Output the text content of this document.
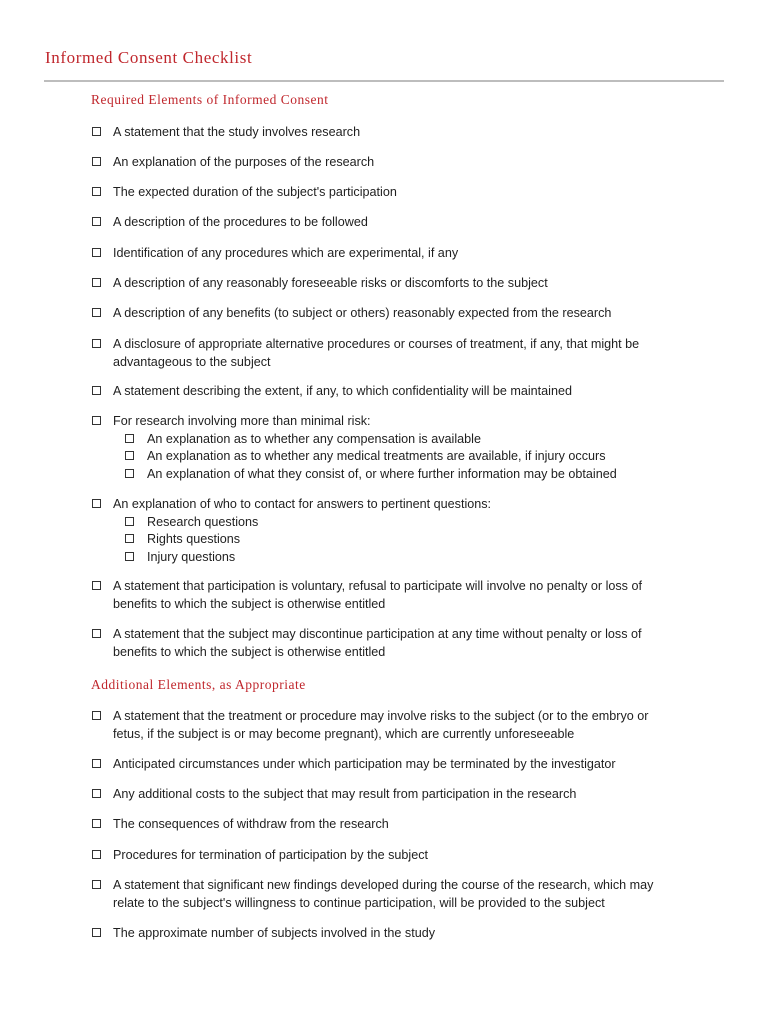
Informed Consent Checklist
Required Elements of Informed Consent
A statement that the study involves research
An explanation of the purposes of the research
The expected duration of the subject's participation
A description of the procedures to be followed
Identification of any procedures which are experimental, if any
A description of any reasonably foreseeable risks or discomforts to the subject
A description of any benefits (to subject or others) reasonably expected from the research
A disclosure of appropriate alternative procedures or courses of treatment, if any, that might be advantageous to the subject
A statement describing the extent, if any, to which confidentiality will be maintained
For research involving more than minimal risk:
An explanation as to whether any compensation is available
An explanation as to whether any medical treatments are available, if injury occurs
An explanation of what they consist of, or where further information may be obtained
An explanation of who to contact for answers to pertinent questions:
Research questions
Rights questions
Injury questions
A statement that participation is voluntary, refusal to participate will involve no penalty or loss of benefits to which the subject is otherwise entitled
A statement that the subject may discontinue participation at any time without penalty or loss of benefits to which the subject is otherwise entitled
Additional Elements, as Appropriate
A statement that the treatment or procedure may involve risks to the subject (or to the embryo or fetus, if the subject is or may become pregnant), which are currently unforeseeable
Anticipated circumstances under which participation may be terminated by the investigator
Any additional costs to the subject that may result from participation in the research
The consequences of withdraw from the research
Procedures for termination of participation by the subject
A statement that significant new findings developed during the course of the research, which may relate to the subject's willingness to continue participation, will be provided to the subject
The approximate number of subjects involved in the study
